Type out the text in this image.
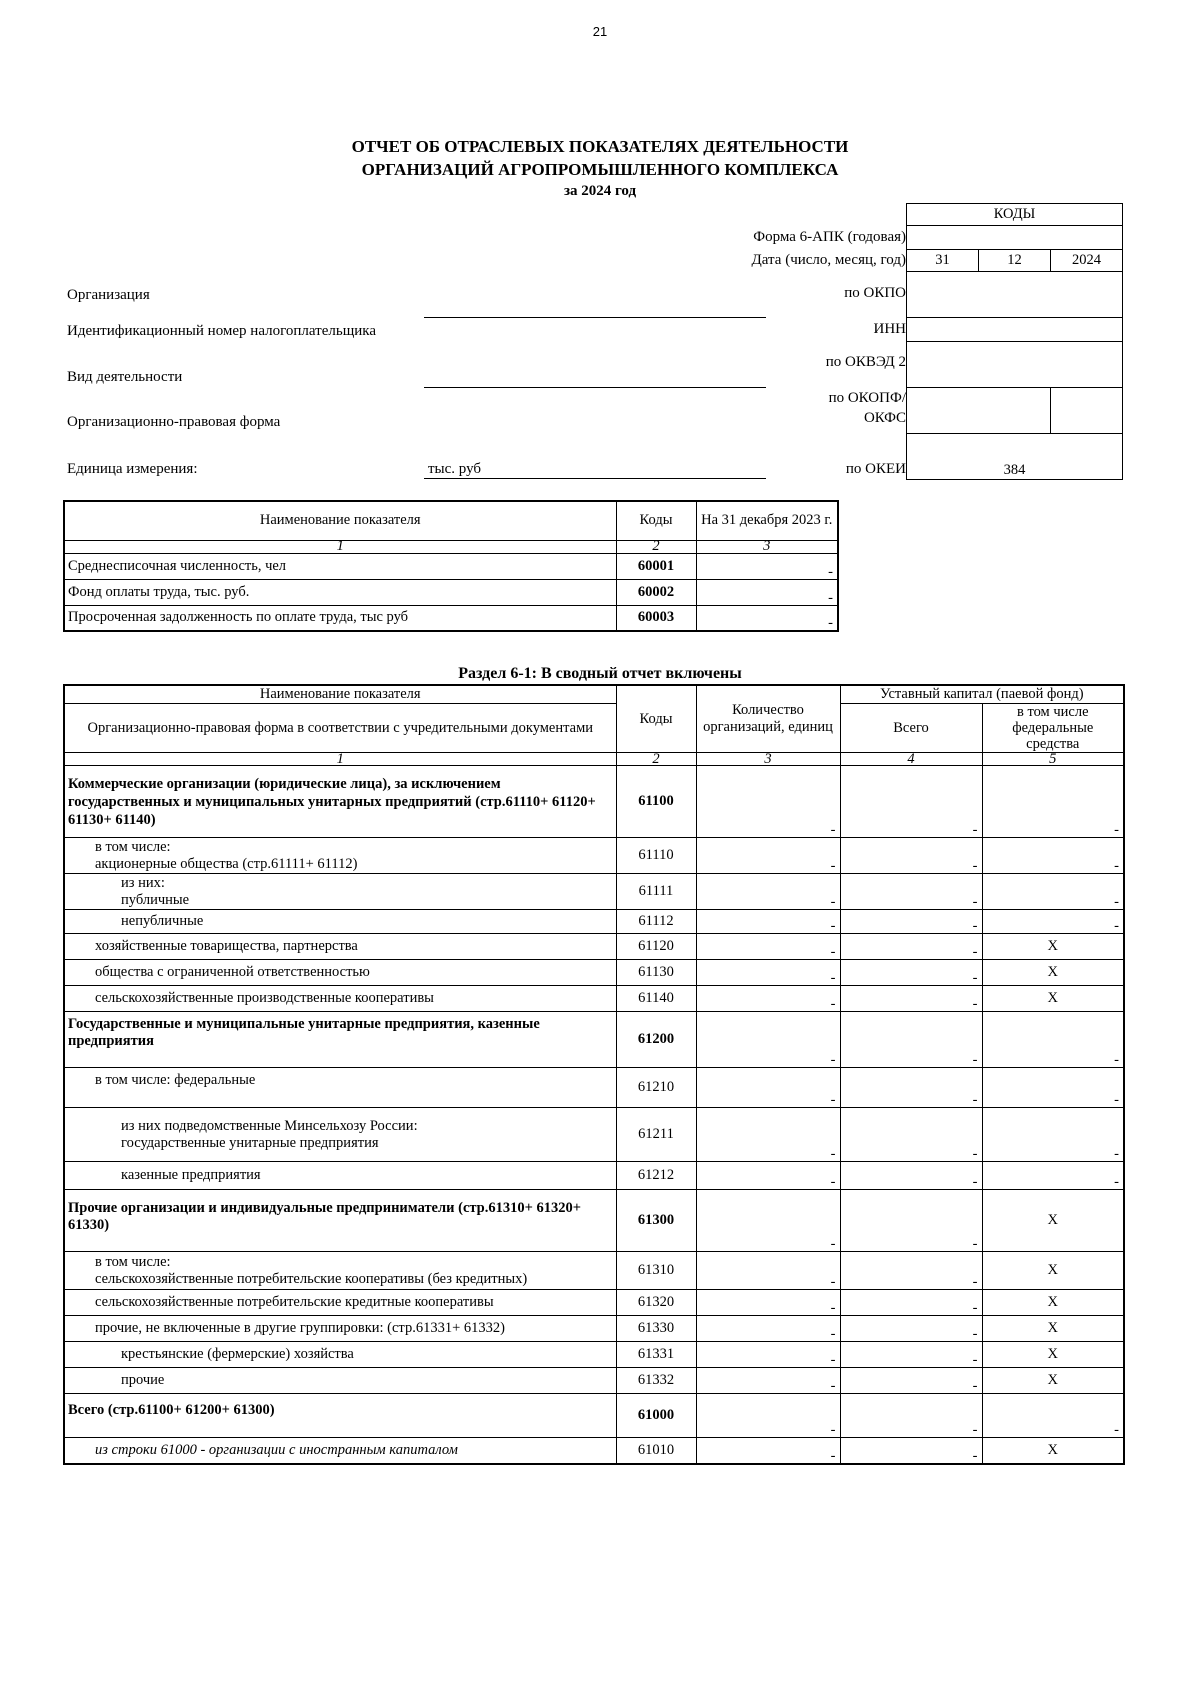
21
ОТЧЕТ ОБ ОТРАСЛЕВЫХ ПОКАЗАТЕЛЯХ ДЕЯТЕЛЬНОСТИ
ОРГАНИЗАЦИЙ АГРОПРОМЫШЛЕННОГО КОМПЛЕКСА
за 2024 год
КОДЫ		

31	12	2024

384		
Форма 6-АПК (годовая)
Дата (число, месяц, год)
по ОКПО
ИНН
по ОКВЭД 2
по ОКОПФ/
ОКФС
по ОКЕИ
Организация
Идентификационный номер налогоплательщика
Вид деятельности
Организационно-правовая форма
Единица измерения:	тыс. руб
Наименование показателя	Коды	На 31 декабря 2023 г.
1	2	3
Среднесписочная численность, чел	60001	-
Фонд оплаты труда, тыс. руб.	60002	-
Просроченная задолженность по оплате труда, тыс руб	60003	-
Раздел 6-1: В сводный отчет включены
Наименование показателя	Коды	Количество организаций, единиц	Уставный капитал (паевой фонд)	
Организационно-правовая форма в соответствии с учредительными документами			Всего	в том числе федеральные средства
1	2	3	4	5
Коммерческие организации (юридические лица), за исключением государственных и муниципальных унитарных предприятий (стр.61110+ 61120+ 61130+ 61140)	61100	-	-	-

в том числе:
акционерные общества (стр.61111+ 61112)	61110	-	-	-

из них:
публичные	61111	-	-	-
непубличные	61112	-	-	-
хозяйственные товарищества, партнерства	61120	-	-	X
общества с ограниченной ответственностью	61130	-	-	X
сельскохозяйственные производственные кооперативы	61140	-	-	X
Государственные и муниципальные унитарные предприятия, казенные предприятия	61200	-	-	-
в том числе: федеральные	61210	-	-	-

из них подведомственные Минсельхозу России:
государственные унитарные предприятия	61211	-	-	-
казенные предприятия	61212	-	-	-
Прочие организации и индивидуальные предприниматели (стр.61310+ 61320+ 61330)	61300	-	-	X

в том числе:
сельскохозяйственные потребительские кооперативы (без кредитных)	61310	-	-	X
сельскохозяйственные потребительские кредитные кооперативы	61320	-	-	X
прочие, не включенные в другие группировки: (стр.61331+ 61332)	61330	-	-	X
крестьянские (фермерские) хозяйства	61331	-	-	X
прочие	61332	-	-	X
Всего (стр.61100+ 61200+ 61300)	61000	-	-	-
из строки 61000 - организации с иностранным капиталом	61010	-	-	X
